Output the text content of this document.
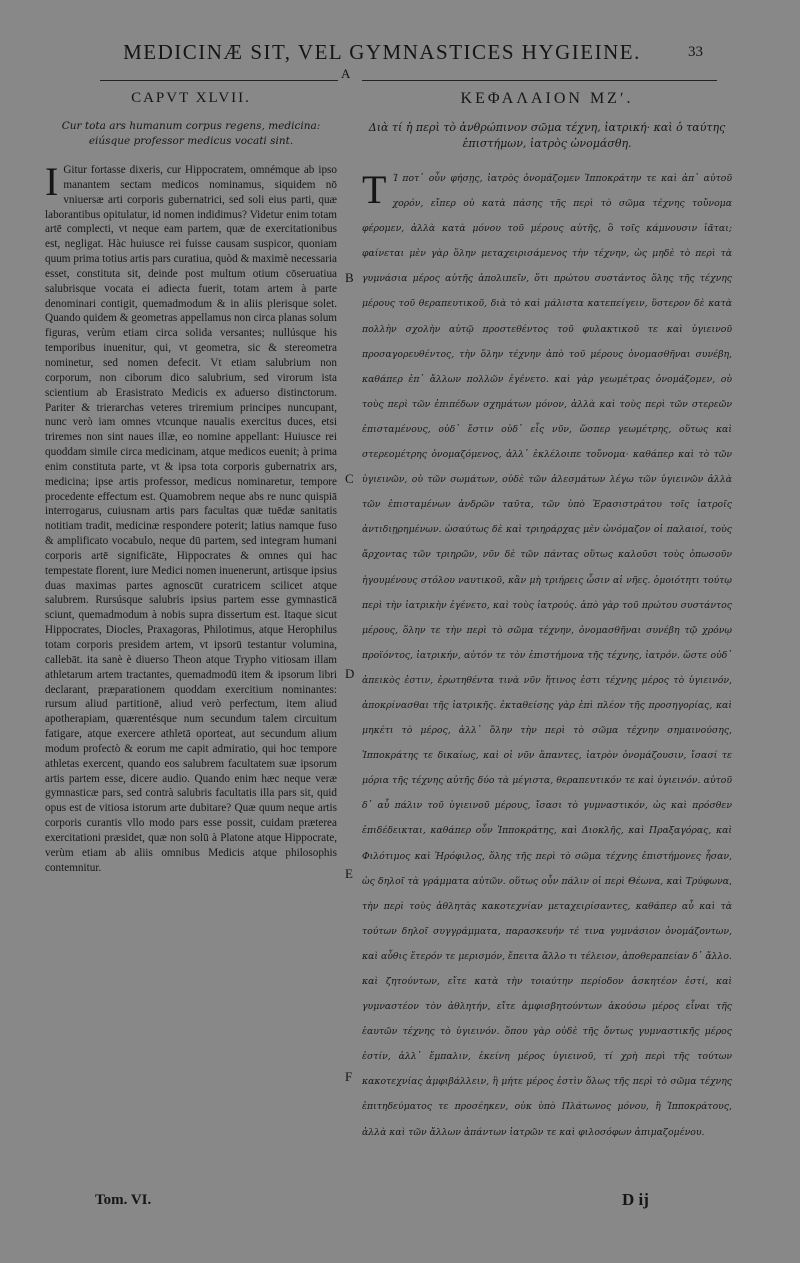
MEDICINÆ SIT, VEL GYMNASTICES HYGIEINE.	33
A
B
C
D
E
F
CAPVT XLVII.
Cur tota ars humanum corpus regens, medicina: eiúsque professor medicus vocati sint.
I Gitur fortasse dixeris, cur Hippocratem, omnémque ab ipso manantem sectam medicos nominamus, siquidem nō vniuersæ arti corporis gubernatrici, sed soli eius parti, quæ laborantibus opitulatur, id nomen indidimus? Videtur enim totam artē complecti, vt neque eam partem, quæ de exercitationibus est, negligat. Hàc huiusce rei fuisse causam suspicor, quoniam quum prima totius artis pars curatiua, quòd & maximè necessaria esset, constituta sit, deinde post multum otium cōseruatiua salubrisque vocata ei adiecta fuerit, totam artem à parte denominari contigit, quemadmodum & in aliis plerisque solet. Quando quidem & geometras appellamus non circa planas solum figuras, verùm etiam circa solida versantes; nullúsque his temporibus inuenitur, qui, vt geometra, sic & stereometra nominetur, sed nomen defecit. Vt etiam salubrium non corporum, non ciborum dico salubrium, sed virorum ista scientium ab Erasistrato Medicis ex aduerso distinctorum. Pariter & trierarchas veteres triremium principes nuncupant, nunc verò iam omnes vtcunque naualis exercitus duces, etsi triremes non sint naues illæ, eo nomine appellant: Huiusce rei quoddam simile circa medicinam, atque medicos euenit; à prima enim constituta parte, vt & ipsa tota corporis gubernatrix ars, medicina; ipse artis professor, medicus nominaretur, tempore procedente effectum est. Quamobrem neque abs re nunc quispiā interrogarus, cuiusnam artis pars facultas quæ tuēdæ sanitatis notitiam tradit, medicinæ respondere poterit; latius namque fuso & amplificato vocabulo, neque dū partem, sed integram humani corporis artē significāte, Hippocrates & omnes qui hac tempestate florent, iure Medici nomen inuenerunt, artisque ipsius duas maximas partes agnoscūt curatricem scilicet atque salubrem. Rursúsque salubris ipsius partem esse gymnasticā sciunt, quemadmodum à nobis supra dissertum est. Itaque sicut Hippocrates, Diocles, Praxagoras, Philotimus, atque Herophilus totam corporis presidem artem, vt ipsorū testantur volumina, callebāt. ita sanè è diuerso Theon atque Trypho vitiosam illam athletarum artem tractantes, quemadmodū item & ipsorum libri declarant, præparationem quoddam exercitium nominantes: rursum aliud partitionē, aliud verò perfectum, item aliud apotherapiam, quærentésque num secundum talem circuitum fatigare, atque exercere athletā oporteat, aut secundum alium modum profectò & eorum me capit admiratio, qui hoc tempore athletas exercent, quando eos salubrem facultatem suæ ipsorum artis partem esse, dicere audio. Quando enim hæc neque veræ gymnasticæ pars, sed contrà salubris facultatis illa pars sit, quid opus est de vitiosa istorum arte dubitare? Quæ quum neque artis corporis curantis vllo modo pars esse possit, cuidam præterea exercitationi præsidet, quæ non solū à Platone atque Hippocrate, verùm etiam ab aliis omnibus Medicis atque philosophis contemnitur.
ΚΕΦΑΛΑΙΟΝ ΜΖʹ.
Διὰ τί ἡ περὶ τὸ ἀνθρώπινον σῶμα τέχνη, ἰατρική· καὶ ὁ ταύτης ἐπιστήμων, ἰατρὸς ὠνομάσθη.
Τ Ί ποτ᾽ οὖν φήσῃς, ἰατρὸς ὀνομάζομεν Ἱπποκράτην τε καὶ ἀπ᾽ αὐτοῦ χορόν, εἴπερ οὐ κατὰ πάσης τῆς περὶ τὸ σῶμα τέχνης τοὔνομα φέρομεν, ἀλλὰ κατὰ μόνου τοῦ μέρους αὐτῆς, ὃ τοῖς κάμνουσιν ἰᾶται; φαίνεται μὲν γὰρ ὅλην μεταχειρισάμενος τὴν τέχνην, ὡς μηδὲ τὸ περὶ τὰ γυμνάσια μέρος αὐτῆς ἀπολιπεῖν, ὅτι πρώτου συστάντος ὅλης τῆς τέχνης μέρους τοῦ θεραπευτικοῦ, διὰ τὸ καὶ μάλιστα κατεπείγειν, ὕστερον δὲ κατὰ πολλὴν σχολὴν αὐτῷ προστεθέντος τοῦ φυλακτικοῦ τε καὶ ὑγιεινοῦ προσαγορευθέντος, τὴν ὅλην τέχνην ἀπὸ τοῦ μέρους ὀνομασθῆναι συνέβη, καθάπερ ἐπ᾽ ἄλλων πολλῶν ἐγένετο. καὶ γὰρ γεωμέτρας ὀνομάζομεν, οὐ τοὺς περὶ τῶν ἐπιπέδων σχημάτων μόνον, ἀλλὰ καὶ τοὺς περὶ τῶν στερεῶν ἐπισταμένους, οὐδ᾽ ἔστιν οὐδ᾽ εἷς νῦν, ὥσπερ γεωμέτρης, οὕτως καὶ στερεομέτρης ὀνομαζόμενος, ἀλλ᾽ ἐκλέλοιπε τοὔνομα· καθάπερ καὶ τὸ τῶν ὑγιεινῶν, οὐ τῶν σωμάτων, οὐδὲ τῶν ἀλεσμάτων λέγω τῶν ὑγιεινῶν ἀλλὰ τῶν ἐπισταμένων ἀνδρῶν ταῦτα, τῶν ὑπὸ Ἐρασιστράτου τοῖς ἰατροῖς ἀντιδιῃρημένων. ὡσαύτως δὲ καὶ τριηράρχας μὲν ὠνόμαζον οἱ παλαιοί, τοὺς ἄρχοντας τῶν τριηρῶν, νῦν δὲ τῶν πάντας οὕτως καλοῦσι τοὺς ὁπωσοῦν ἡγουμένους στόλου ναυτικοῦ, κἂν μὴ τριήρεις ὦσιν αἱ νῆες. ὁμοιότητι τούτῳ περὶ τὴν ἰατρικὴν ἐγένετο, καὶ τοὺς ἰατρούς. ἀπὸ γὰρ τοῦ πρώτου συστάντος μέρους, ὅλην τε τὴν περὶ τὸ σῶμα τέχνην, ὀνομασθῆναι συνέβη τῷ χρόνῳ προϊόντος, ἰατρικήν, αὐτόν τε τὸν ἐπιστήμονα τῆς τέχνης, ἰατρόν. ὥστε οὐδ᾽ ἀπεικὸς ἐστιν, ἐρωτηθέντα τινὰ νῦν ἥτινος ἐστι τέχνης μέρος τὸ ὑγιεινόν, ἀποκρίνασθαι τῆς ἰατρικῆς. ἐκταθείσης γὰρ ἐπὶ πλέον τῆς προσηγορίας, καὶ μηκέτι τὸ μέρος, ἀλλ᾽ ὅλην τὴν περὶ τὸ σῶμα τέχνην σημαινούσης, Ἱπποκράτης τε δικαίως, καὶ οἱ νῦν ἅπαντες, ἰατρὸν ὀνομάζουσιν, ἴσασί τε μόρια τῆς τέχνης αὐτῆς δύο τὰ μέγιστα, θεραπευτικόν τε καὶ ὑγιεινόν. αὐτοῦ δ᾽ αὖ πάλιν τοῦ ὑγιεινοῦ μέρους, ἴσασι τὸ γυμναστικόν, ὡς καὶ πρόσθεν ἐπιδέδεικται, καθάπερ οὖν Ἱπποκράτης, καὶ Διοκλῆς, καὶ Πραξαγόρας, καὶ Φιλότιμος καὶ Ἡρόφιλος, ὅλης τῆς περὶ τὸ σῶμα τέχνης ἐπιστήμονες ἦσαν, ὡς δηλοῖ τὰ γράμματα αὐτῶν. οὕτως οὖν πάλιν οἱ περὶ Θέωνα, καὶ Τρύφωνα, τὴν περὶ τοὺς ἀθλητὰς κακοτεχνίαν μεταχειρίσαντες, καθάπερ αὖ καὶ τὰ τούτων δηλοῖ συγγράμματα, παρασκευήν τέ τινα γυμνάσιον ὀνομάζοντων, καὶ αὖθις ἕτερόν τε μερισμόν, ἔπειτα ἄλλο τι τέλειον, ἀποθεραπείαν δ᾽ ἄλλο. καὶ ζητούντων, εἴτε κατὰ τὴν τοιαύτην περίοδον ἀσκητέον ἐστί, καὶ γυμναστέον τὸν ἀθλητήν, εἴτε ἀμφισβητούντων ἀκούσω μέρος εἶναι τῆς ἑαυτῶν τέχνης τὸ ὑγιεινόν. ὅπου γὰρ οὐδὲ τῆς ὄντως γυμναστικῆς μέρος ἐστίν, ἀλλ᾽ ἔμπαλιν, ἐκείνη μέρος ὑγιεινοῦ, τί χρὴ περὶ τῆς τούτων κακοτεχνίας ἀμφιβάλλειν, ἣ μήτε μέρος ἐστὶν ὅλως τῆς περὶ τὸ σῶμα τέχνης ἐπιτηδεύματος τε προσέηκεν, οὐκ ὑπὸ Πλάτωνος μόνου, ἢ Ἱπποκράτους, ἀλλὰ καὶ τῶν ἄλλων ἁπάντων ἰατρῶν τε καὶ φιλοσόφων ἀπιμαζομένου.
Tom. VI.	D ij
